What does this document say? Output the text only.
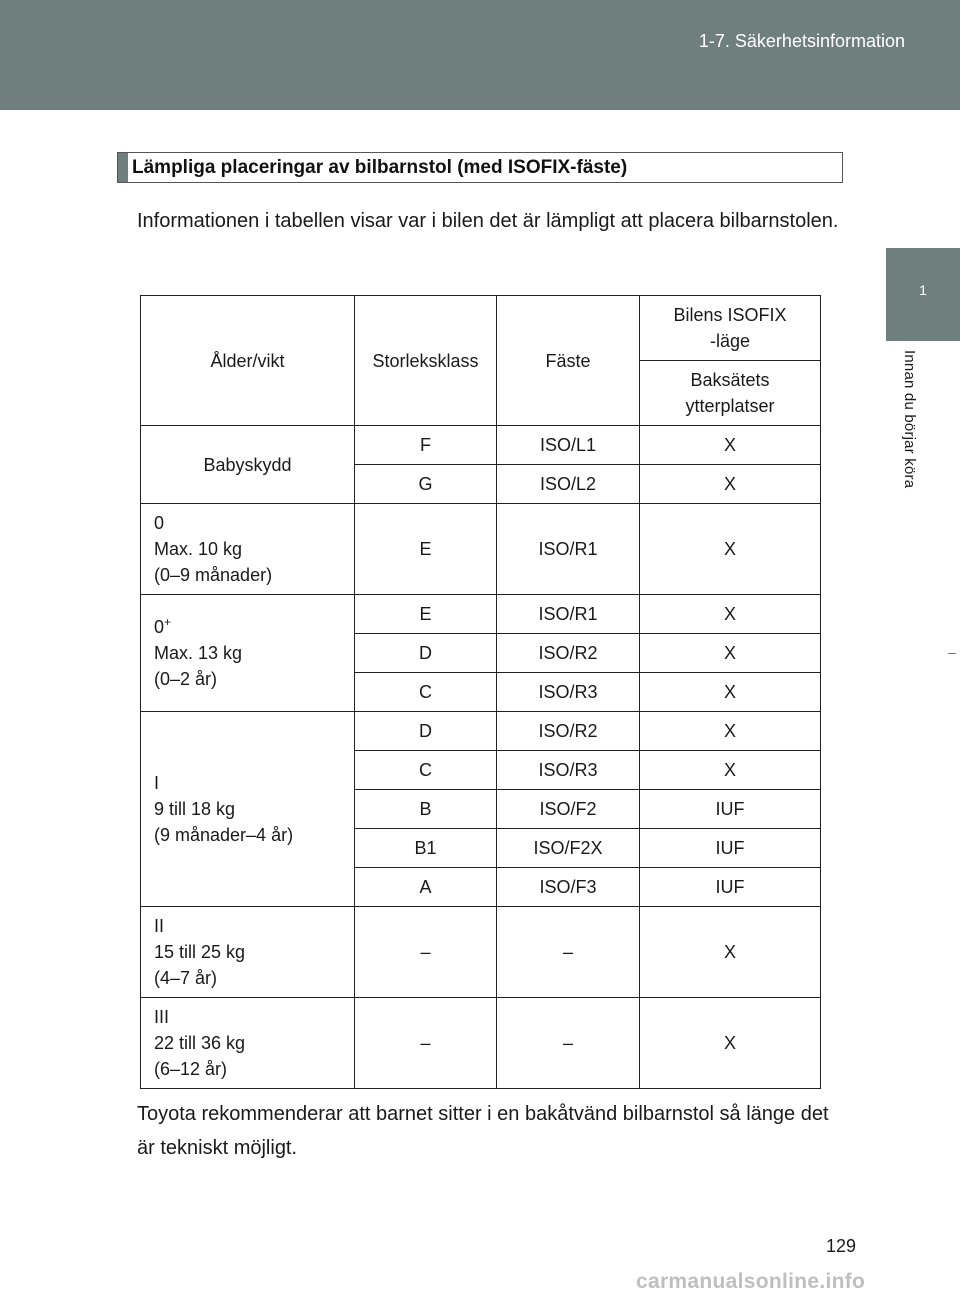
1-7. Säkerhetsinformation
1
Innan du börjar köra
Lämpliga placeringar av bilbarnstol (med ISOFIX-fäste)
Informationen i tabellen visar var i bilen det är lämpligt att placera bilbarnstolen.
Ålder/vikt	Storleksklass	Fäste	Bilens ISOFIX -läge
			Baksätets ytterplatser

Babyskydd	F	ISO/L1	X
	G	ISO/L2	X

0
Max. 10 kg
(0–9 månader)	E	ISO/R1	X

0+
Max. 13 kg
(0–2 år)	E	ISO/R1	X
	D	ISO/R2	X
	C	ISO/R3	X

I
9 till 18 kg
(9 månader–4 år)	D	ISO/R2	X
	C	ISO/R3	X
	B	ISO/F2	IUF
	B1	ISO/F2X	IUF
	A	ISO/F3	IUF

II
15 till 25 kg
(4–7 år)	–	–	X

III
22 till 36 kg
(6–12 år)	–	–	X
Toyota rekommenderar att barnet sitter i en bakåtvänd bilbarnstol så länge det är tekniskt möjligt.
129
carmanualsonline.info
